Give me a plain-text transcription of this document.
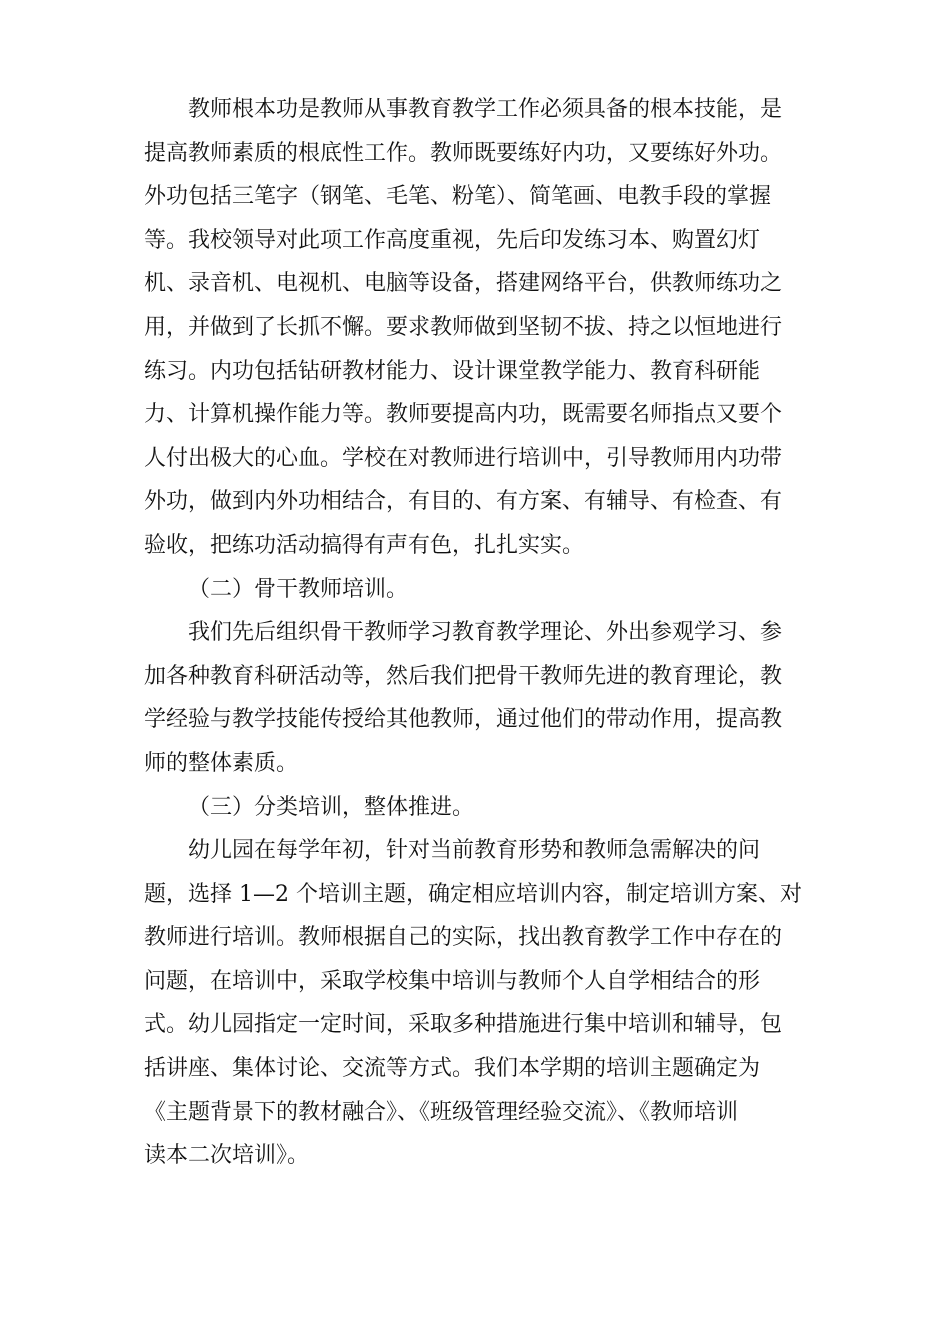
教师根本功是教师从事教育教学工作必须具备的根本技能，是
提高教师素质的根底性工作。教师既要练好内功，又要练好外功。
外功包括三笔字（钢笔、毛笔、粉笔）、简笔画、电教手段的掌握
等。我校领导对此项工作高度重视，先后印发练习本、购置幻灯
机、录音机、电视机、电脑等设备，搭建网络平台，供教师练功之
用，并做到了长抓不懈。要求教师做到坚韧不拔、持之以恒地进行
练习。内功包括钻研教材能力、设计课堂教学能力、教育科研能
力、计算机操作能力等。教师要提高内功，既需要名师指点又要个
人付出极大的心血。学校在对教师进行培训中，引导教师用内功带
外功，做到内外功相结合，有目的、有方案、有辅导、有检查、有
验收，把练功活动搞得有声有色，扎扎实实。
（二）骨干教师培训。
我们先后组织骨干教师学习教育教学理论、外出参观学习、参
加各种教育科研活动等，然后我们把骨干教师先进的教育理论，教
学经验与教学技能传授给其他教师，通过他们的带动作用，提高教
师的整体素质。
（三）分类培训，整体推进。
幼儿园在每学年初，针对当前教育形势和教师急需解决的问
题，选择 1—2 个培训主题，确定相应培训内容，制定培训方案、对
教师进行培训。教师根据自己的实际，找出教育教学工作中存在的
问题，在培训中，采取学校集中培训与教师个人自学相结合的形
式。幼儿园指定一定时间，采取多种措施进行集中培训和辅导，包
括讲座、集体讨论、交流等方式。我们本学期的培训主题确定为
《主题背景下的教材融合》、《班级管理经验交流》、《教师培训
读本二次培训》。
